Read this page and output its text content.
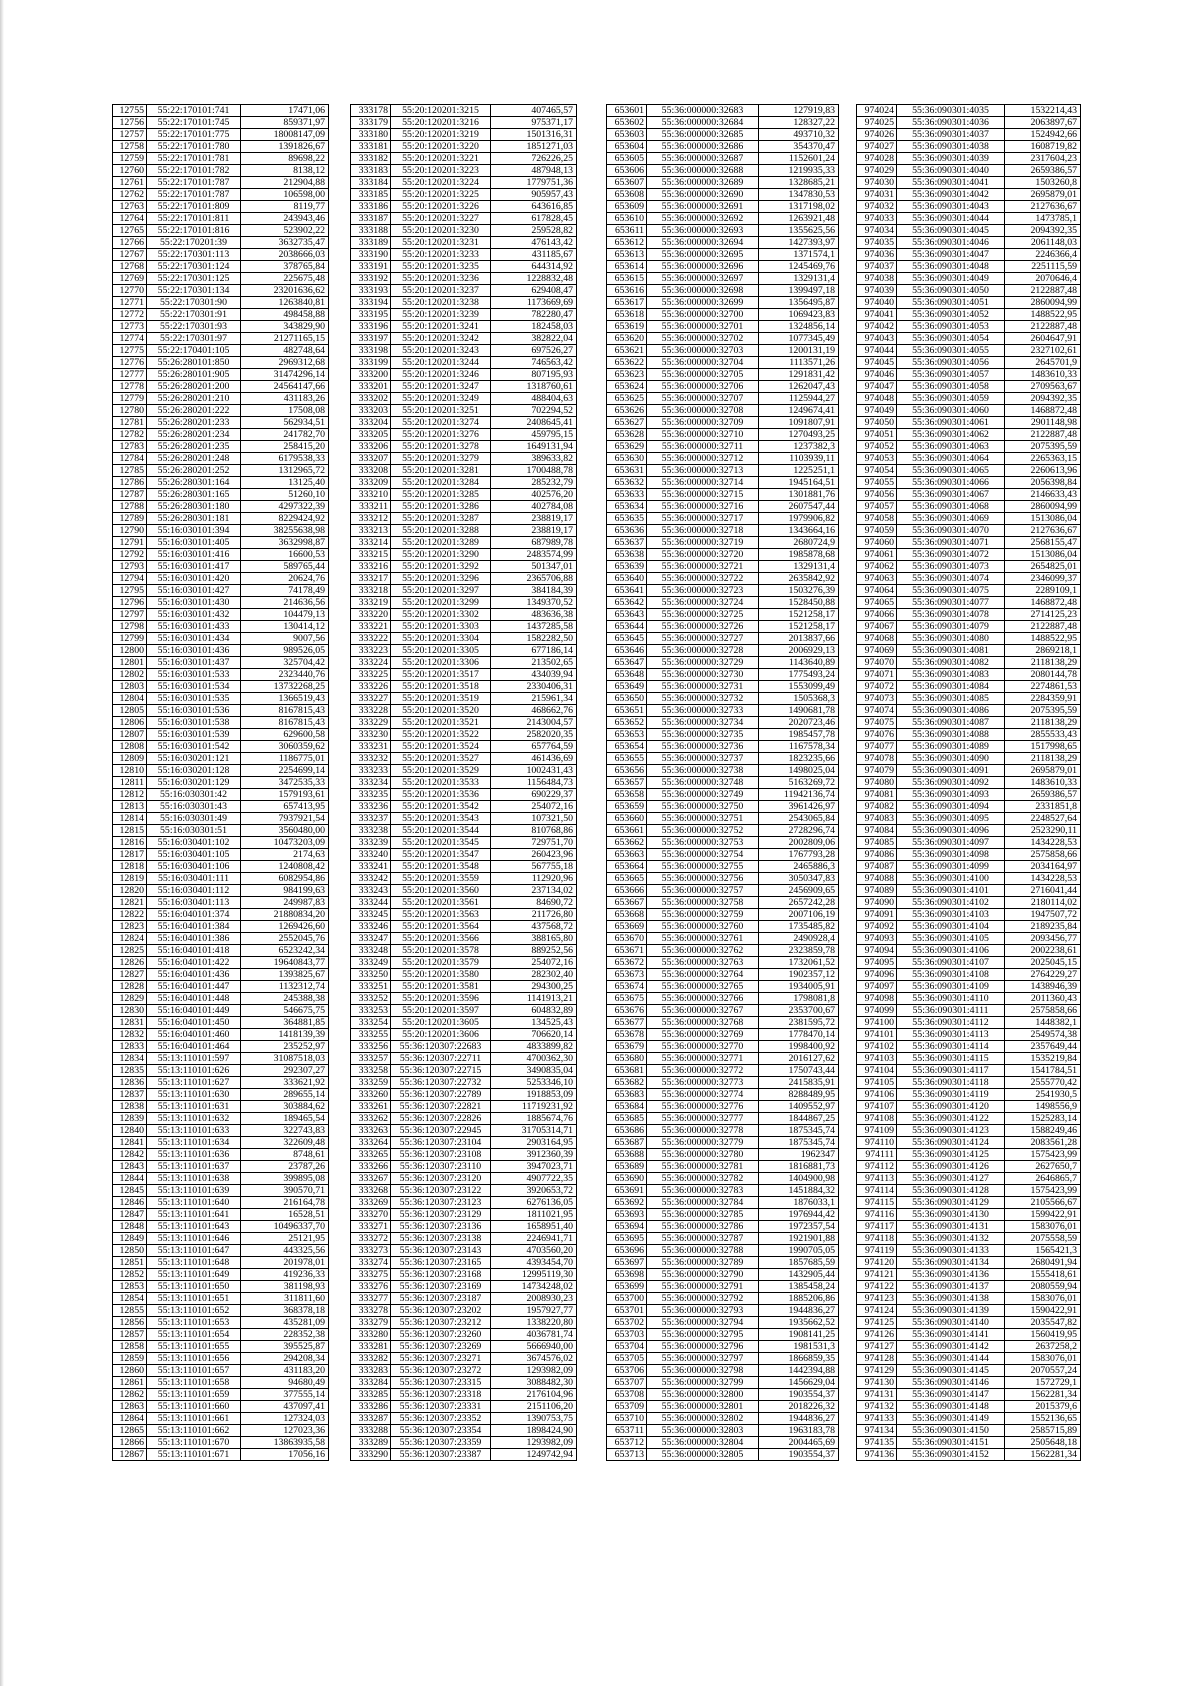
12755	55:22:170101:741	17471,06
12756	55:22:170101:745	859371,97
12757	55:22:170101:775	18008147,09
12758	55:22:170101:780	1391826,67
12759	55:22:170101:781	89698,22
12760	55:22:170101:782	8138,12
12761	55:22:170101:787	212904,88
12762	55:22:170101:787	106598,00
12763	55:22:170101:809	8119,77
12764	55:22:170101:811	243943,46
12765	55:22:170101:816	523902,22
12766	55:22:170201:39	3632735,47
12767	55:22:170301:113	2038666,03
12768	55:22:170301:124	378765,84
12769	55:22:170301:125	225675,48
12770	55:22:170301:134	23201636,62
12771	55:22:170301:90	1263840,81
12772	55:22:170301:91	498458,88
12773	55:22:170301:93	343829,90
12774	55:22:170301:97	21271165,15
12775	55:22:170401:105	482748,64
12776	55:26:280101:850	2969312,68
12777	55:26:280101:905	31474296,14
12778	55:26:280201:200	24564147,66
12779	55:26:280201:210	431183,26
12780	55:26:280201:222	17508,08
12781	55:26:280201:233	562934,51
12782	55:26:280201:234	241782,70
12783	55:26:280201:235	258415,20
12784	55:26:280201:248	6179538,33
12785	55:26:280201:252	1312965,72
12786	55:26:280301:164	13125,40
12787	55:26:280301:165	51260,10
12788	55:26:280301:180	4297322,39
12789	55:26:280301:181	8229424,92
12790	55:16:030101:394	38255638,98
12791	55:16:030101:405	3632998,87
12792	55:16:030101:416	16600,53
12793	55:16:030101:417	589765,44
12794	55:16:030101:420	20624,76
12795	55:16:030101:427	74178,49
12796	55:16:030101:430	214636,56
12797	55:16:030101:432	104479,13
12798	55:16:030101:433	130414,12
12799	55:16:030101:434	9007,56
12800	55:16:030101:436	989526,05
12801	55:16:030101:437	325704,42
12802	55:16:030101:533	2323440,76
12803	55:16:030101:534	13732268,25
12804	55:16:030101:535	1366519,43
12805	55:16:030101:536	8167815,43
12806	55:16:030101:538	8167815,43
12807	55:16:030101:539	629600,58
12808	55:16:030101:542	3060359,62
12809	55:16:030201:121	1186775,01
12810	55:16:030201:128	2254699,14
12811	55:16:030201:129	3472535,33
12812	55:16:030301:42	1579193,61
12813	55:16:030301:43	657413,95
12814	55:16:030301:49	7937921,54
12815	55:16:030301:51	3560480,00
12816	55:16:030401:102	10473203,09
12817	55:16:030401:105	2174,63
12818	55:16:030401:106	1240808,42
12819	55:16:030401:111	6082954,86
12820	55:16:030401:112	984199,63
12821	55:16:030401:113	249987,83
12822	55:16:040101:374	21880834,20
12823	55:16:040101:384	1269426,60
12824	55:16:040101:386	2552045,76
12825	55:16:040101:418	6523242,34
12826	55:16:040101:422	19640843,77
12827	55:16:040101:436	1393825,67
12828	55:16:040101:447	1132312,74
12829	55:16:040101:448	245388,38
12830	55:16:040101:449	546675,75
12831	55:16:040101:450	364881,85
12832	55:16:040101:460	1418139,39
12833	55:16:040101:464	235252,97
12834	55:13:110101:597	31087518,03
12835	55:13:110101:626	292307,27
12836	55:13:110101:627	333621,92
12837	55:13:110101:630	289655,14
12838	55:13:110101:631	303884,62
12839	55:13:110101:632	189465,54
12840	55:13:110101:633	322743,83
12841	55:13:110101:634	322609,48
12842	55:13:110101:636	8748,61
12843	55:13:110101:637	23787,26
12844	55:13:110101:638	399895,08
12845	55:13:110101:639	390570,71
12846	55:13:110101:640	216164,78
12847	55:13:110101:641	16528,51
12848	55:13:110101:643	10496337,70
12849	55:13:110101:646	25121,95
12850	55:13:110101:647	443325,56
12851	55:13:110101:648	201978,01
12852	55:13:110101:649	419236,33
12853	55:13:110101:650	381198,93
12854	55:13:110101:651	311811,60
12855	55:13:110101:652	368378,18
12856	55:13:110101:653	435281,09
12857	55:13:110101:654	228352,38
12858	55:13:110101:655	395525,87
12859	55:13:110101:656	294208,34
12860	55:13:110101:657	431183,20
12861	55:13:110101:658	94680,49
12862	55:13:110101:659	377555,14
12863	55:13:110101:660	437097,41
12864	55:13:110101:661	127324,03
12865	55:13:110101:662	127023,36
12866	55:13:110101:670	13863935,58
12867	55:13:110101:671	17056,16
333178	55:20:120201:3215	407465,57
333179	55:20:120201:3216	975371,17
333180	55:20:120201:3219	1501316,31
333181	55:20:120201:3220	1851271,03
333182	55:20:120201:3221	726226,25
333183	55:20:120201:3223	487948,13
333184	55:20:120201:3224	1779751,36
333185	55:20:120201:3225	905957,43
333186	55:20:120201:3226	643616,85
333187	55:20:120201:3227	617828,45
333188	55:20:120201:3230	259528,82
333189	55:20:120201:3231	476143,42
333190	55:20:120201:3233	431185,67
333191	55:20:120201:3235	644314,92
333192	55:20:120201:3236	1228832,48
333193	55:20:120201:3237	629408,47
333194	55:20:120201:3238	1173669,69
333195	55:20:120201:3239	782280,47
333196	55:20:120201:3241	182458,03
333197	55:20:120201:3242	382822,04
333198	55:20:120201:3243	697526,27
333199	55:20:120201:3244	746563,42
333200	55:20:120201:3246	807195,93
333201	55:20:120201:3247	1318760,61
333202	55:20:120201:3249	488404,63
333203	55:20:120201:3251	702294,52
333204	55:20:120201:3274	2408645,41
333205	55:20:120201:3276	459795,15
333206	55:20:120201:3278	1649131,94
333207	55:20:120201:3279	389633,82
333208	55:20:120201:3281	1700488,78
333209	55:20:120201:3284	285232,79
333210	55:20:120201:3285	402576,20
333211	55:20:120201:3286	402784,08
333212	55:20:120201:3287	238819,17
333213	55:20:120201:3288	238819,17
333214	55:20:120201:3289	687989,78
333215	55:20:120201:3290	2483574,99
333216	55:20:120201:3292	501347,01
333217	55:20:120201:3296	2365706,88
333218	55:20:120201:3297	384184,39
333219	55:20:120201:3299	1349370,52
333220	55:20:120201:3302	483636,38
333221	55:20:120201:3303	1437285,58
333222	55:20:120201:3304	1582282,50
333223	55:20:120201:3305	677186,14
333224	55:20:120201:3306	213502,65
333225	55:20:120201:3517	434039,94
333226	55:20:120201:3518	2330406,31
333227	55:20:120201:3519	215961,34
333228	55:20:120201:3520	468662,76
333229	55:20:120201:3521	2143004,57
333230	55:20:120201:3522	2582020,35
333231	55:20:120201:3524	657764,59
333232	55:20:120201:3527	461436,69
333233	55:20:120201:3529	1002431,43
333234	55:20:120201:3533	1156484,73
333235	55:20:120201:3536	690229,37
333236	55:20:120201:3542	254072,16
333237	55:20:120201:3543	107321,50
333238	55:20:120201:3544	810768,86
333239	55:20:120201:3545	729751,70
333240	55:20:120201:3547	260423,96
333241	55:20:120201:3548	567755,18
333242	55:20:120201:3559	112920,96
333243	55:20:120201:3560	237134,02
333244	55:20:120201:3561	84690,72
333245	55:20:120201:3563	211726,80
333246	55:20:120201:3564	437568,72
333247	55:20:120201:3566	388165,80
333248	55:20:120201:3578	889252,56
333249	55:20:120201:3579	254072,16
333250	55:20:120201:3580	282302,40
333251	55:20:120201:3581	294300,25
333252	55:20:120201:3596	1141913,21
333253	55:20:120201:3597	604832,89
333254	55:20:120201:3605	134525,43
333255	55:20:120201:3606	706620,14
333256	55:36:120307:22683	4833899,82
333257	55:36:120307:22711	4700362,30
333258	55:36:120307:22715	3490835,04
333259	55:36:120307:22732	5253346,10
333260	55:36:120307:22789	1918853,09
333261	55:36:120307:22821	11719231,92
333262	55:36:120307:22826	1885674,76
333263	55:36:120307:22945	31705314,71
333264	55:36:120307:23104	2903164,95
333265	55:36:120307:23108	3912360,39
333266	55:36:120307:23110	3947023,71
333267	55:36:120307:23120	4907722,35
333268	55:36:120307:23122	3920653,72
333269	55:36:120307:23123	6276136,05
333270	55:36:120307:23129	1811021,95
333271	55:36:120307:23136	1658951,40
333272	55:36:120307:23138	2246941,71
333273	55:36:120307:23143	4703560,20
333274	55:36:120307:23165	4393454,70
333275	55:36:120307:23168	12995119,30
333276	55:36:120307:23169	14734248,02
333277	55:36:120307:23187	2008930,23
333278	55:36:120307:23202	1957927,77
333279	55:36:120307:23212	1338220,80
333280	55:36:120307:23260	4036781,74
333281	55:36:120307:23269	5666940,00
333282	55:36:120307:23271	3674576,02
333283	55:36:120307:23272	1293982,09
333284	55:36:120307:23315	3088482,30
333285	55:36:120307:23318	2176104,96
333286	55:36:120307:23331	2151106,20
333287	55:36:120307:23352	1390753,75
333288	55:36:120307:23354	1898424,90
333289	55:36:120307:23359	1293982,09
333290	55:36:120307:23387	1249742,94
653601	55:36:000000:32683	127919,83
653602	55:36:000000:32684	128327,22
653603	55:36:000000:32685	493710,32
653604	55:36:000000:32686	354370,47
653605	55:36:000000:32687	1152601,24
653606	55:36:000000:32688	1219935,33
653607	55:36:000000:32689	1328685,21
653608	55:36:000000:32690	1347830,53
653609	55:36:000000:32691	1317198,02
653610	55:36:000000:32692	1263921,48
653611	55:36:000000:32693	1355625,56
653612	55:36:000000:32694	1427393,97
653613	55:36:000000:32695	1371574,1
653614	55:36:000000:32696	1245469,76
653615	55:36:000000:32697	1329131,4
653616	55:36:000000:32698	1399497,18
653617	55:36:000000:32699	1356495,87
653618	55:36:000000:32700	1069423,83
653619	55:36:000000:32701	1324856,14
653620	55:36:000000:32702	1077345,49
653621	55:36:000000:32703	1200131,19
653622	55:36:000000:32704	1113571,26
653623	55:36:000000:32705	1291831,42
653624	55:36:000000:32706	1262047,43
653625	55:36:000000:32707	1125944,27
653626	55:36:000000:32708	1249674,41
653627	55:36:000000:32709	1091807,91
653628	55:36:000000:32710	1270493,25
653629	55:36:000000:32711	1237382,3
653630	55:36:000000:32712	1103939,11
653631	55:36:000000:32713	1225251,1
653632	55:36:000000:32714	1945164,51
653633	55:36:000000:32715	1301881,76
653634	55:36:000000:32716	2607547,44
653635	55:36:000000:32717	1979906,82
653636	55:36:000000:32718	1343664,16
653637	55:36:000000:32719	2680724,9
653638	55:36:000000:32720	1985878,68
653639	55:36:000000:32721	1329131,4
653640	55:36:000000:32722	2635842,92
653641	55:36:000000:32723	1503276,39
653642	55:36:000000:32724	1528450,88
653643	55:36:000000:32725	1521258,17
653644	55:36:000000:32726	1521258,17
653645	55:36:000000:32727	2013837,66
653646	55:36:000000:32728	2006929,13
653647	55:36:000000:32729	1143640,89
653648	55:36:000000:32730	1775493,24
653649	55:36:000000:32731	1553099,49
653650	55:36:000000:32732	1505368,3
653651	55:36:000000:32733	1490681,78
653652	55:36:000000:32734	2020723,46
653653	55:36:000000:32735	1985457,78
653654	55:36:000000:32736	1167578,34
653655	55:36:000000:32737	1823235,66
653656	55:36:000000:32738	1498025,04
653657	55:36:000000:32748	5163269,72
653658	55:36:000000:32749	11942136,74
653659	55:36:000000:32750	3961426,97
653660	55:36:000000:32751	2543065,84
653661	55:36:000000:32752	2728296,74
653662	55:36:000000:32753	2002809,06
653663	55:36:000000:32754	1767793,28
653664	55:36:000000:32755	2465886,3
653665	55:36:000000:32756	3050347,83
653666	55:36:000000:32757	2456909,65
653667	55:36:000000:32758	2657242,28
653668	55:36:000000:32759	2007106,19
653669	55:36:000000:32760	1735485,82
653670	55:36:000000:32761	2490928,4
653671	55:36:000000:32762	2323859,78
653672	55:36:000000:32763	1732061,52
653673	55:36:000000:32764	1902357,12
653674	55:36:000000:32765	1934005,91
653675	55:36:000000:32766	1798081,8
653676	55:36:000000:32767	2353700,67
653677	55:36:000000:32768	2381595,72
653678	55:36:000000:32769	1778470,14
653679	55:36:000000:32770	1998400,92
653680	55:36:000000:32771	2016127,62
653681	55:36:000000:32772	1750743,44
653682	55:36:000000:32773	2415835,91
653683	55:36:000000:32774	8288489,95
653684	55:36:000000:32776	1409552,97
653685	55:36:000000:32777	1844867,25
653686	55:36:000000:32778	1875345,74
653687	55:36:000000:32779	1875345,74
653688	55:36:000000:32780	1962347
653689	55:36:000000:32781	1816881,73
653690	55:36:000000:32782	1404900,98
653691	55:36:000000:32783	1451884,32
653692	55:36:000000:32784	1876033,1
653693	55:36:000000:32785	1976944,42
653694	55:36:000000:32786	1972357,54
653695	55:36:000000:32787	1921901,88
653696	55:36:000000:32788	1990705,05
653697	55:36:000000:32789	1857685,59
653698	55:36:000000:32790	1432905,44
653699	55:36:000000:32791	1385458,24
653700	55:36:000000:32792	1885206,86
653701	55:36:000000:32793	1944836,27
653702	55:36:000000:32794	1935662,52
653703	55:36:000000:32795	1908141,25
653704	55:36:000000:32796	1981531,3
653705	55:36:000000:32797	1866859,35
653706	55:36:000000:32798	1442394,88
653707	55:36:000000:32799	1456629,04
653708	55:36:000000:32800	1903554,37
653709	55:36:000000:32801	2018226,32
653710	55:36:000000:32802	1944836,27
653711	55:36:000000:32803	1963183,78
653712	55:36:000000:32804	2004465,69
653713	55:36:000000:32805	1903554,37
974024	55:36:090301:4035	1532214,43
974025	55:36:090301:4036	2063897,67
974026	55:36:090301:4037	1524942,66
974027	55:36:090301:4038	1608719,82
974028	55:36:090301:4039	2317604,23
974029	55:36:090301:4040	2659386,57
974030	55:36:090301:4041	1503260,8
974031	55:36:090301:4042	2695879,01
974032	55:36:090301:4043	2127636,67
974033	55:36:090301:4044	1473785,1
974034	55:36:090301:4045	2094392,35
974035	55:36:090301:4046	2061148,03
974036	55:36:090301:4047	2246366,4
974037	55:36:090301:4048	2251115,59
974038	55:36:090301:4049	2070646,4
974039	55:36:090301:4050	2122887,48
974040	55:36:090301:4051	2860094,99
974041	55:36:090301:4052	1488522,95
974042	55:36:090301:4053	2122887,48
974043	55:36:090301:4054	2604647,91
974044	55:36:090301:4055	2327102,61
974045	55:36:090301:4056	2645701,9
974046	55:36:090301:4057	1483610,33
974047	55:36:090301:4058	2709563,67
974048	55:36:090301:4059	2094392,35
974049	55:36:090301:4060	1468872,48
974050	55:36:090301:4061	2901148,98
974051	55:36:090301:4062	2122887,48
974052	55:36:090301:4063	2075395,59
974053	55:36:090301:4064	2265363,15
974054	55:36:090301:4065	2260613,96
974055	55:36:090301:4066	2056398,84
974056	55:36:090301:4067	2146633,43
974057	55:36:090301:4068	2860094,99
974058	55:36:090301:4069	1513086,04
974059	55:36:090301:4070	2127636,67
974060	55:36:090301:4071	2568155,47
974061	55:36:090301:4072	1513086,04
974062	55:36:090301:4073	2654825,01
974063	55:36:090301:4074	2346099,37
974064	55:36:090301:4075	2289109,1
974065	55:36:090301:4077	1468872,48
974066	55:36:090301:4078	2714125,23
974067	55:36:090301:4079	2122887,48
974068	55:36:090301:4080	1488522,95
974069	55:36:090301:4081	2869218,1
974070	55:36:090301:4082	2118138,29
974071	55:36:090301:4083	2080144,78
974072	55:36:090301:4084	2274861,53
974073	55:36:090301:4085	2284359,91
974074	55:36:090301:4086	2075395,59
974075	55:36:090301:4087	2118138,29
974076	55:36:090301:4088	2855533,43
974077	55:36:090301:4089	1517998,65
974078	55:36:090301:4090	2118138,29
974079	55:36:090301:4091	2695879,01
974080	55:36:090301:4092	1483610,33
974081	55:36:090301:4093	2659386,57
974082	55:36:090301:4094	2331851,8
974083	55:36:090301:4095	2248527,64
974084	55:36:090301:4096	2523290,11
974085	55:36:090301:4097	1434228,53
974086	55:36:090301:4098	2575858,66
974087	55:36:090301:4099	2034164,97
974088	55:36:090301:4100	1434228,53
974089	55:36:090301:4101	2716041,44
974090	55:36:090301:4102	2180114,02
974091	55:36:090301:4103	1947507,72
974092	55:36:090301:4104	2189235,84
974093	55:36:090301:4105	2093456,77
974094	55:36:090301:4106	2002238,61
974095	55:36:090301:4107	2025045,15
974096	55:36:090301:4108	2764229,27
974097	55:36:090301:4109	1438946,39
974098	55:36:090301:4110	2011360,43
974099	55:36:090301:4111	2575858,66
974100	55:36:090301:4112	1448382,1
974101	55:36:090301:4113	2549574,38
974102	55:36:090301:4114	2357649,44
974103	55:36:090301:4115	1535219,84
974104	55:36:090301:4117	1541784,51
974105	55:36:090301:4118	2555770,42
974106	55:36:090301:4119	2541930,5
974107	55:36:090301:4120	1498556,9
974108	55:36:090301:4122	1525283,14
974109	55:36:090301:4123	1588249,46
974110	55:36:090301:4124	2083561,28
974111	55:36:090301:4125	1575423,99
974112	55:36:090301:4126	2627650,7
974113	55:36:090301:4127	2646865,7
974114	55:36:090301:4128	1575423,99
974115	55:36:090301:4129	2105566,67
974116	55:36:090301:4130	1599422,91
974117	55:36:090301:4131	1583076,01
974118	55:36:090301:4132	2075558,59
974119	55:36:090301:4133	1565421,3
974120	55:36:090301:4134	2680491,94
974121	55:36:090301:4136	1555418,61
974122	55:36:090301:4137	2080559,94
974123	55:36:090301:4138	1583076,01
974124	55:36:090301:4139	1590422,91
974125	55:36:090301:4140	2035547,82
974126	55:36:090301:4141	1560419,95
974127	55:36:090301:4142	2637258,2
974128	55:36:090301:4144	1583076,01
974129	55:36:090301:4145	2070557,24
974130	55:36:090301:4146	1572729,1
974131	55:36:090301:4147	1562281,34
974132	55:36:090301:4148	2015379,6
974133	55:36:090301:4149	1552136,65
974134	55:36:090301:4150	2585715,89
974135	55:36:090301:4151	2505648,18
974136	55:36:090301:4152	1562281,34
